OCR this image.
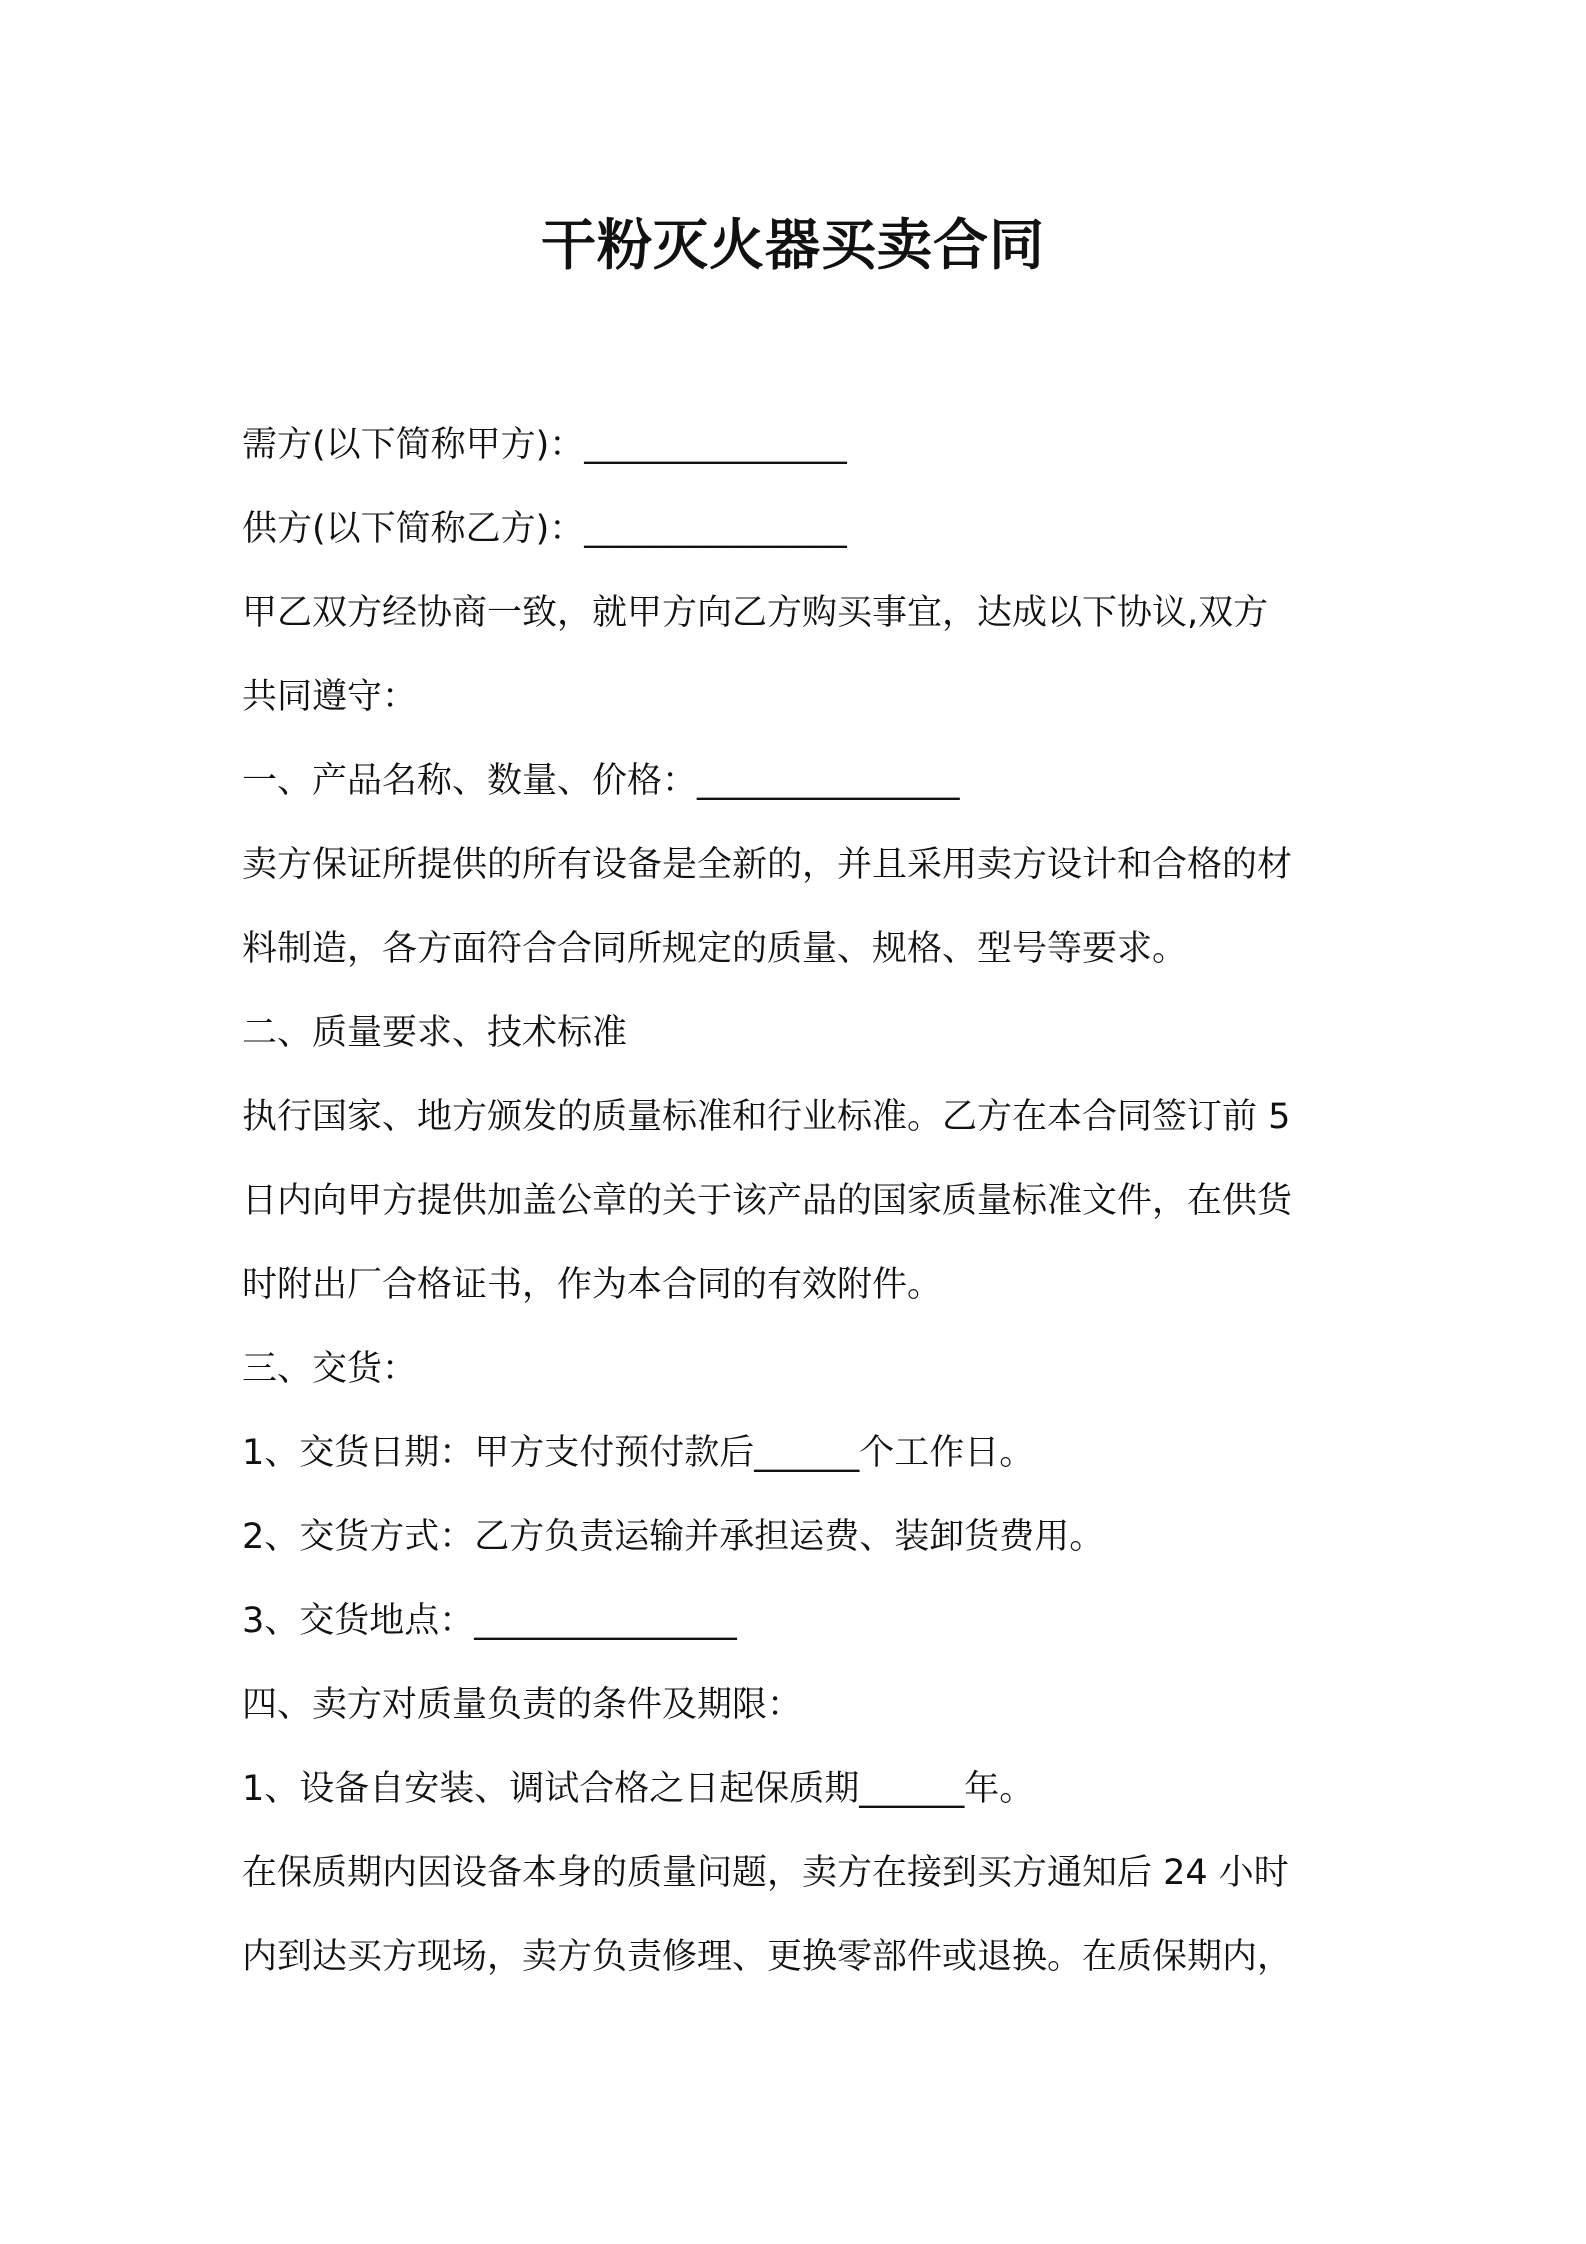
干粉灭火器买卖合同

需方(以下简称甲方)：_______________

供方(以下简称乙方)：_______________

甲乙双方经协商一致，就甲方向乙方购买事宜，达成以下协议,双方

共同遵守：

一、产品名称、数量、价格：_______________

卖方保证所提供的所有设备是全新的，并且采用卖方设计和合格的材

料制造，各方面符合合同所规定的质量、规格、型号等要求。

二、质量要求、技术标准

执行国家、地方颁发的质量标准和行业标准。乙方在本合同签订前 5

日内向甲方提供加盖公章的关于该产品的国家质量标准文件，在供货

时附出厂合格证书，作为本合同的有效附件。

三、交货：

1、交货日期：甲方支付预付款后______个工作日。

2、交货方式：乙方负责运输并承担运费、装卸货费用。

3、交货地点：_______________

四、卖方对质量负责的条件及期限：

1、设备自安装、调试合格之日起保质期______年。

在保质期内因设备本身的质量问题，卖方在接到买方通知后 24 小时

内到达买方现场，卖方负责修理、更换零部件或退换。在质保期内，
